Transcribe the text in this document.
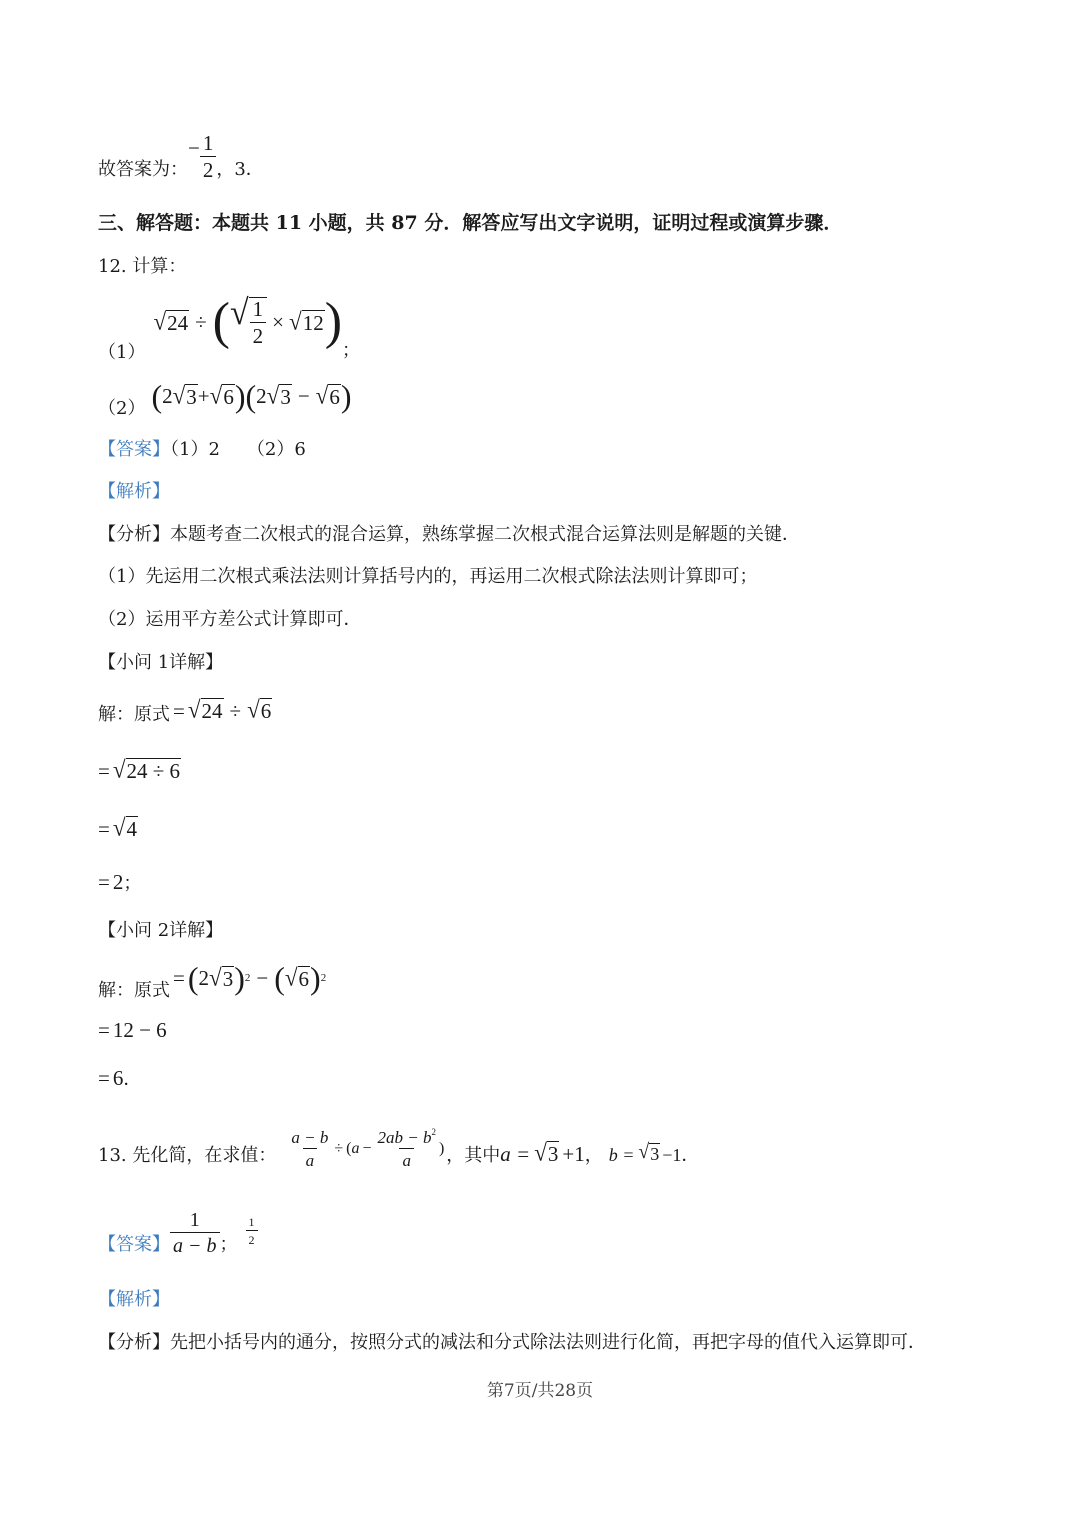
故答案为：
− $\frac{1}{2}$ ，3．
三、解答题：本题共 11 小题，共 87 分．解答应写出文字说明，证明过程或演算步骤．
12. 计算：
（1）
√ 24 ÷ ( √ $\frac{1}{2}$ × √ 12 )
；
（2） ( 2 √ 3 + √ 6 )( 2 √ 3 − √ 6 )
【答案】（1）2　　（2）6
【解析】
【分析】本题考查二次根式的混合运算，熟练掌握二次根式混合运算法则是解题的关键．
（1）先运用二次根式乘法法则计算括号内的，再运用二次根式除法法则计算即可；
（2）运用平方差公式计算即可．
【小问 1详解】
解：原式 = √ 24 ÷ √ 6
= √ 24 ÷ 6
= √ 4
= 2 ；
【小问 2详解】
解：原式
= ( 2 √ 3 ) 2 − ( √ 6 ) 2
= 12 − 6
= 6 ．
13. 先化简，在求值： $\frac{a - b}{a}$ ÷ ( $a - \frac{2ab - b^2}{a}$ ) ，其中 a = √ 3 +1 ， b = √ 3 −1 ．
【答案】 $\frac{1}{a - b}$ ； $\frac{1}{2}$
【解析】
【分析】先把小括号内的通分，按照分式的减法和分式除法法则进行化简，再把字母的值代入运算即可．
第7页/共28页
